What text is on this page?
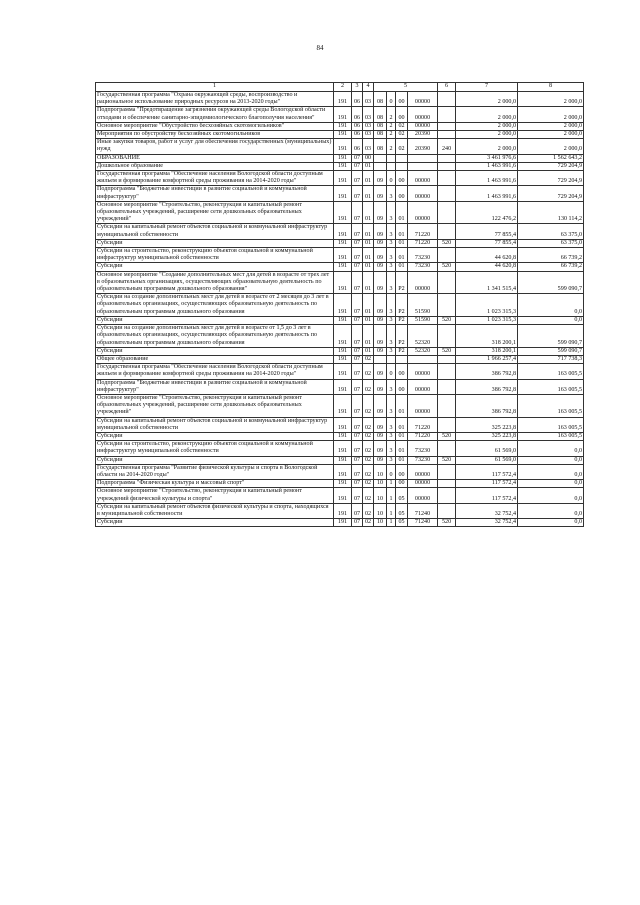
84
1	2	3	4	5				6	7	8
Государственная программа "Охрана окружающей среды, воспроизводство и рациональное использование природных ресурсов на 2013-2020 годы"	191	06	03	08	0	00	00000		2 000,0	2 000,0
Подпрограмма "Предотвращение загрязнения окружающей среды Вологодской области отходами и обеспечение санитарно-эпидемиологического благополучия населения"	191	06	03	08	2	00	00000		2 000,0	2 000,0
Основное мероприятие "Обустройство бесхозяйных скотомогильников"	191	06	03	08	2	02	00000		2 000,0	2 000,0
Мероприятия по обустройству бесхозяйных скотомогильников	191	06	03	08	2	02	20390		2 000,0	2 000,0
Иные закупки товаров, работ и услуг для обеспечения государственных (муниципальных) нужд	191	06	03	08	2	02	20390	240	2 000,0	2 000,0
ОБРАЗОВАНИЕ	191	07	00						3 461 976,6	1 562 643,2
Дошкольное образование	191	07	01						1 463 991,6	729 204,9
Государственная программа "Обеспечение населения Вологодской области доступным жильем и формирование комфортной среды проживания на 2014-2020 годы"	191	07	01	09	0	00	00000		1 463 991,6	729 204,9
Подпрограмма "Бюджетные инвестиции в развитие социальной и коммунальной инфраструктур"	191	07	01	09	3	00	00000		1 463 991,6	729 204,9
Основное мероприятие "Строительство, реконструкция и капитальный ремонт образовательных учреждений, расширение сети дошкольных образовательных учреждений"	191	07	01	09	3	01	00000		122 476,2	130 114,2
Субсидии на капитальный ремонт объектов социальной и коммунальной инфраструктур муниципальной собственности	191	07	01	09	3	01	71220		77 855,4	63 375,0
Субсидии	191	07	01	09	3	01	71220	520	77 855,4	63 375,0
Субсидии на строительство, реконструкцию объектов социальной и коммунальной инфраструктур муниципальной собственности	191	07	01	09	3	01	73230		44 620,8	66 739,2
Субсидии	191	07	01	09	3	01	73230	520	44 620,8	66 739,2
Основное мероприятие "Создание дополнительных мест для детей в возрасте от трех лет в образовательных организациях, осуществляющих образовательную деятельность по образовательным программам дошкольного образования"	191	07	01	09	3	P2	00000		1 341 515,4	599 090,7
Субсидии на создание дополнительных мест для детей в возрасте от 2 месяцев до 3 лет в образовательных организациях, осуществляющих образовательную деятельность по образовательным программам дошкольного образования	191	07	01	09	3	P2	51590		1 023 315,3	0,0
Субсидии	191	07	01	09	3	P2	51590	520	1 023 315,3	0,0
Субсидии на создание дополнительных мест для детей в возрасте от 1,5 до 3 лет в образовательных организациях, осуществляющих образовательную деятельность по образовательным программам дошкольного образования	191	07	01	09	3	P2	52320		318 200,1	599 090,7
Субсидии	191	07	01	09	3	P2	52320	520	318 200,1	599 090,7
Общее образование	191	07	02						1 966 257,4	717 738,3
Государственная программа "Обеспечение населения Вологодской области доступным жильем и формирование комфортной среды проживания на 2014-2020 годы"	191	07	02	09	0	00	00000		386 792,8	163 005,5
Подпрограмма "Бюджетные инвестиции в развитие социальной и коммунальной инфраструктур"	191	07	02	09	3	00	00000		386 792,8	163 005,5
Основное мероприятие "Строительство, реконструкция и капитальный ремонт образовательных учреждений, расширение сети дошкольных образовательных учреждений"	191	07	02	09	3	01	00000		386 792,8	163 005,5
Субсидии на капитальный ремонт объектов социальной и коммунальной инфраструктур муниципальной собственности	191	07	02	09	3	01	71220		325 223,8	163 005,5
Субсидии	191	07	02	09	3	01	71220	520	325 223,8	163 005,5
Субсидии на строительство, реконструкцию объектов социальной и коммунальной инфраструктур муниципальной собственности	191	07	02	09	3	01	73230		61 569,0	0,0
Субсидии	191	07	02	09	3	01	73230	520	61 569,0	0,0
Государственная программа "Развитие физической культуры и спорта в Вологодской области на 2014-2020 годы"	191	07	02	10	0	00	00000		117 572,4	0,0
Подпрограмма "Физическая культура и массовый спорт"	191	07	02	10	1	00	00000		117 572,4	0,0
Основное мероприятие "Строительство, реконструкция и капитальный ремонт учреждений физической культуры и спорта"	191	07	02	10	1	05	00000		117 572,4	0,0
Субсидии на капитальный ремонт объектов физической культуры и спорта, находящихся в муниципальной собственности	191	07	02	10	1	05	71240		32 752,4	0,0
Субсидии	191	07	02	10	1	05	71240	520	32 752,4	0,0
